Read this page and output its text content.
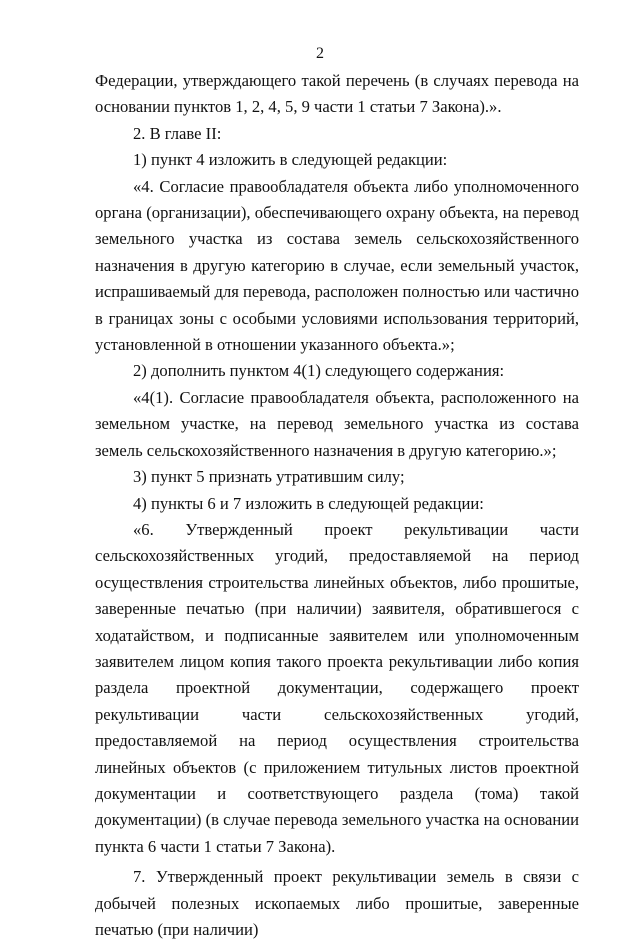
2

Федерации, утверждающего такой перечень (в случаях перевода на основании пунктов 1, 2, 4, 5, 9 части 1 статьи 7 Закона).».

2. В главе II:

1) пункт 4 изложить в следующей редакции:

«4. Согласие правообладателя объекта либо уполномоченного органа (организации), обеспечивающего охрану объекта, на перевод земельного участка из состава земель сельскохозяйственного назначения в другую категорию в случае, если земельный участок, испрашиваемый для перевода, расположен полностью или частично в границах зоны с особыми условиями использования территорий, установленной в отношении указанного объекта.»;

2) дополнить пунктом 4(1) следующего содержания:

«4(1). Согласие правообладателя объекта, расположенного на земельном участке, на перевод земельного участка из состава земель сельскохозяйственного назначения в другую категорию.»;

3) пункт 5 признать утратившим силу;

4) пункты 6 и 7 изложить в следующей редакции:

«6. Утвержденный проект рекультивации части сельскохозяйственных угодий, предоставляемой на период осуществления строительства линейных объектов, либо прошитые, заверенные печатью (при наличии) заявителя, обратившегося с ходатайством, и подписанные заявителем или уполномоченным заявителем лицом копия такого проекта рекультивации либо копия раздела проектной документации, содержащего проект рекультивации части сельскохозяйственных угодий, предоставляемой на период осуществления строительства линейных объектов (с приложением титульных листов проектной документации и соответствующего раздела (тома) такой документации) (в случае перевода земельного участка на основании пункта 6 части 1 статьи 7 Закона).

7. Утвержденный проект рекультивации земель в связи с добычей полезных ископаемых либо прошитые, заверенные печатью (при наличии)
